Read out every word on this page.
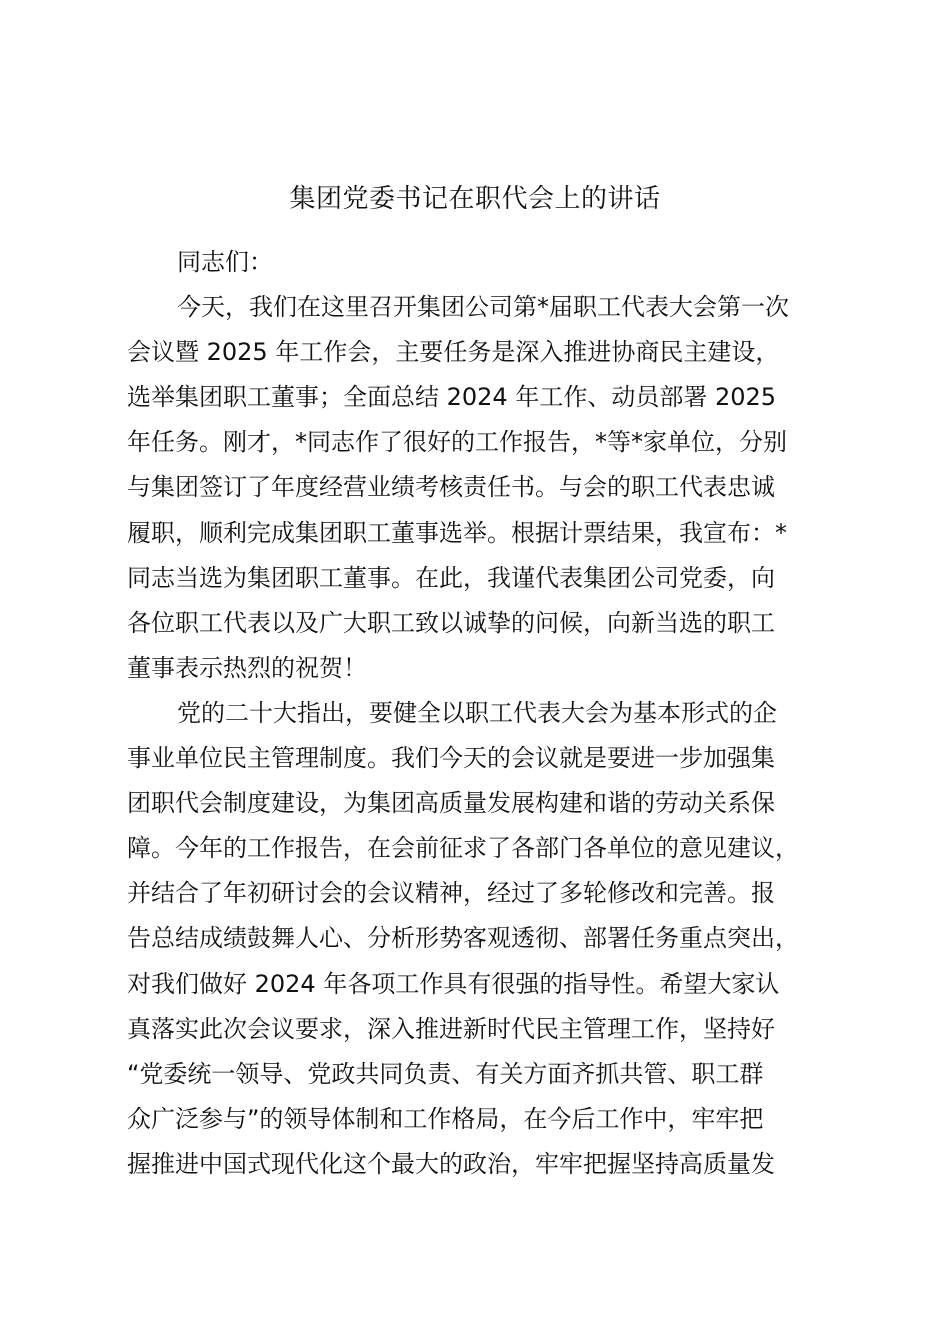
集团党委书记在职代会上的讲话
同志们：
今天，我们在这里召开集团公司第*届职工代表大会第一次
会议暨 2025 年工作会，主要任务是深入推进协商民主建设，
选举集团职工董事；全面总结 2024 年工作、动员部署 2025
年任务。刚才，*同志作了很好的工作报告，*等*家单位，分别
与集团签订了年度经营业绩考核责任书。与会的职工代表忠诚
履职，顺利完成集团职工董事选举。根据计票结果，我宣布：*
同志当选为集团职工董事。在此，我谨代表集团公司党委，向
各位职工代表以及广大职工致以诚挚的问候，向新当选的职工
董事表示热烈的祝贺！
党的二十大指出，要健全以职工代表大会为基本形式的企
事业单位民主管理制度。我们今天的会议就是要进一步加强集
团职代会制度建设，为集团高质量发展构建和谐的劳动关系保
障。今年的工作报告，在会前征求了各部门各单位的意见建议，
并结合了年初研讨会的会议精神，经过了多轮修改和完善。报
告总结成绩鼓舞人心、分析形势客观透彻、部署任务重点突出，
对我们做好 2024 年各项工作具有很强的指导性。希望大家认
真落实此次会议要求，深入推进新时代民主管理工作，坚持好
“党委统一领导、党政共同负责、有关方面齐抓共管、职工群
众广泛参与”的领导体制和工作格局，在今后工作中，牢牢把
握推进中国式现代化这个最大的政治，牢牢把握坚持高质量发
